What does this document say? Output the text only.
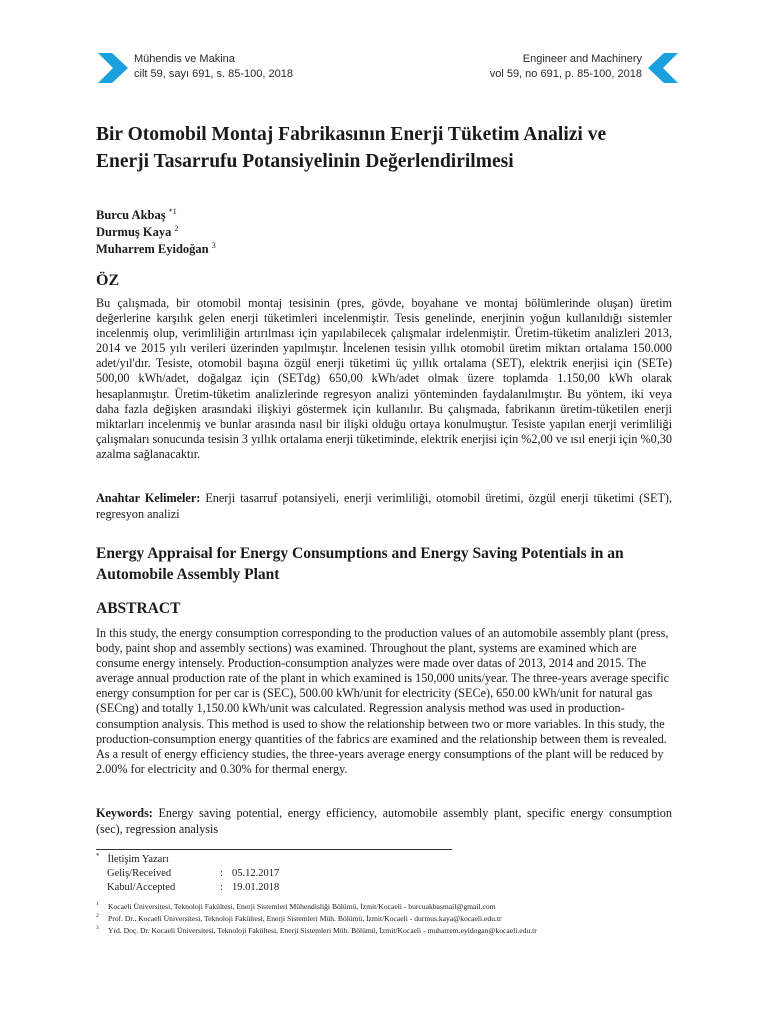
Mühendis ve Makina
cilt 59, sayı 691, s. 85-100, 2018
Engineer and Machinery
vol 59, no 691, p. 85-100, 2018
Bir Otomobil Montaj Fabrikasının Enerji Tüketim Analizi ve Enerji Tasarrufu Potansiyelinin Değerlendirilmesi
Burcu Akbaş $^{*1}$
Durmuş Kaya $^2$
Muharrem Eyidoğan $^3$
ÖZ

Bu çalışmada, bir otomobil montaj tesisinin (pres, gövde, boyahane ve montaj bölümlerinde oluşan) üretim değerlerine karşılık gelen enerji tüketimleri incelenmiştir. Tesis genelinde, enerjinin yoğun kullanıldığı sistemler incelenmiş olup, verimliliğin artırılması için yapılabilecek çalışmalar irdelenmiştir. Üretim-tüketim analizleri 2013, 2014 ve 2015 yılı verileri üzerinden yapılmıştır. İncelenen tesisin yıllık otomobil üretim miktarı ortalama 150.000 adet/yıl'dır. Tesiste, otomobil başına özgül enerji tüketimi üç yıllık ortalama (SET), elektrik enerjisi için (SETe) 500,00 kWh/adet, doğalgaz için (SETdg) 650,00 kWh/adet olmak üzere toplamda 1.150,00 kWh olarak hesaplanmıştır. Üretim-tüketim analizlerinde regresyon analizi yönteminden faydalanılmıştır. Bu yöntem, iki veya daha fazla değişken arasındaki ilişkiyi göstermek için kullanılır. Bu çalışmada, fabrikanın üretim-tüketilen enerji miktarları incelenmiş ve bunlar arasında nasıl bir ilişki olduğu ortaya konulmuştur. Tesiste yapılan enerji verimliliği çalışmaları sonucunda tesisin 3 yıllık ortalama enerji tüketiminde, elektrik enerjisi için %2,00 ve ısıl enerji için %0,30 azalma sağlanacaktır.

Anahtar Kelimeler: Enerji tasarruf potansiyeli, enerji verimliliği, otomobil üretimi, özgül enerji tüketimi (SET), regresyon analizi

Energy Appraisal for Energy Consumptions and Energy Saving Potentials in an Automobile Assembly Plant
ABSTRACT

In this study, the energy consumption corresponding to the production values of an automobile assembly plant (press, body, paint shop and assembly sections) was examined. Throughout the plant, systems are examined which are consume energy intensely. Production-consumption analyzes were made over datas of 2013, 2014 and 2015. The average annual production rate of the plant in which examined is 150,000 units/year. The three-years average specific energy consumption for per car is (SEC), 500.00 kWh/unit for electricity (SECe), 650.00 kWh/unit for natural gas (SECng) and totally 1,150.00 kWh/unit was calculated. Regression analysis method was used in production-consumption analysis. This method is used to show the relationship between two or more variables. In this study, the production-consumption energy quantities of the fabrics are examined and the relationship between them is revealed. As a result of energy efficiency studies, the three-years average energy consumptions of the plant will be reduced by 2.00% for electricity and 0.30% for thermal energy.

Keywords: Energy saving potential, energy efficiency, automobile assembly plant, specific energy consumption (sec), regression analysis

* İletişim Yazarı
Geliş/Received	: 05.12.2017
Kabul/Accepted	: 19.01.2018
$^1$ Kocaeli Üniversitesi, Teknoloji Fakültesi, Enerji Sistemleri Mühendisliği Bölümü, İzmit/Kocaeli - burcuakbasmail@gmail.com
$^2$ Prof. Dr., Kocaeli Üniversitesi, Teknoloji Fakültesi, Enerji Sistemleri Müh. Bölümü, İzmit/Kocaeli - durmus.kaya@kocaeli.edu.tr
$^3$ Yrd. Doç. Dr. Kocaeli Üniversitesi, Teknoloji Fakültesi, Enerji Sistemleri Müh. Bölümü, İzmit/Kocaeli - muharrem.eyidogan@kocaeli.edu.tr
